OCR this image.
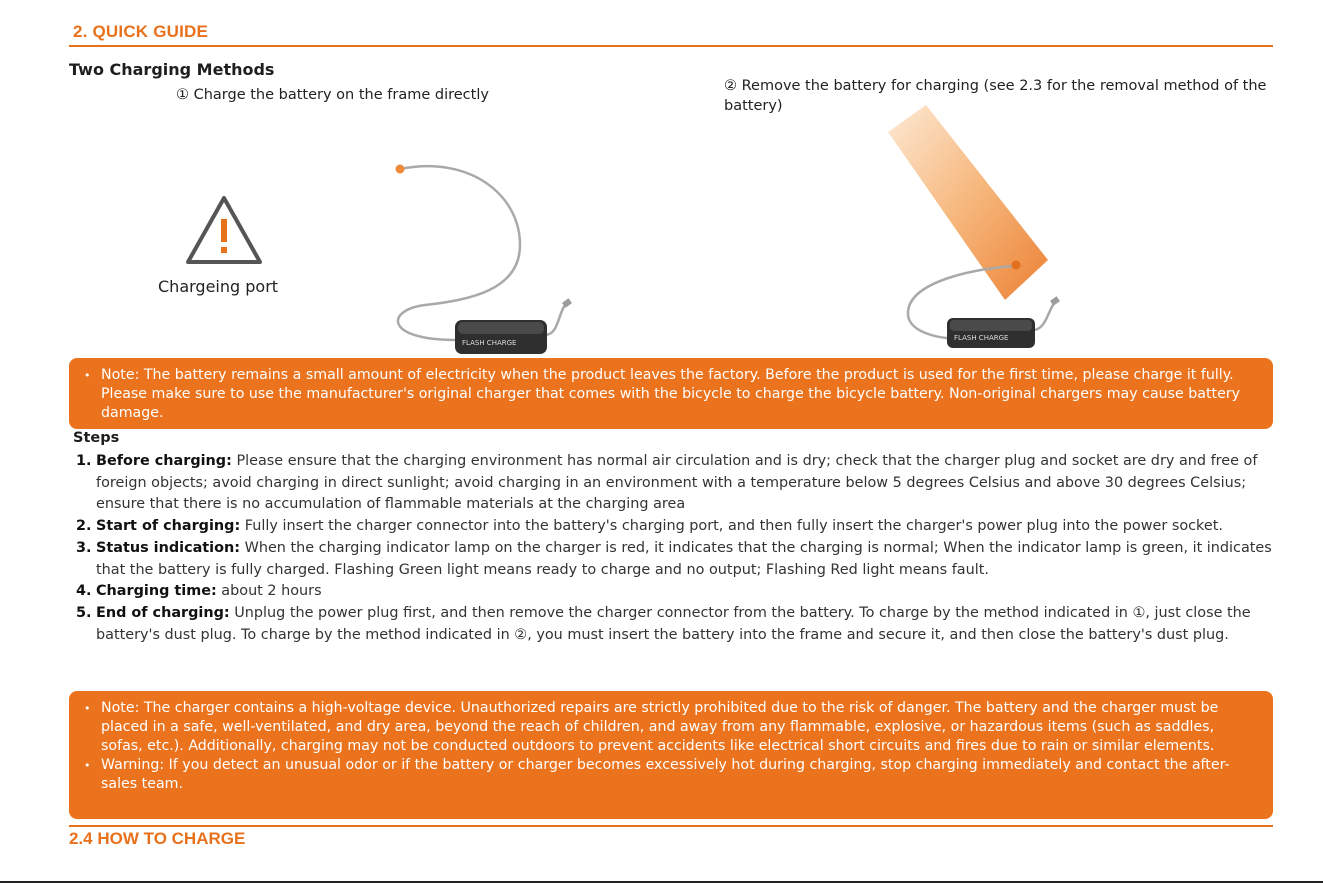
2. QUICK GUIDE
Two Charging Methods
① Charge the battery on the frame directly
② Remove the battery for charging (see 2.3 for the removal method of the battery)
Chargeing port
FLASH CHARGE
FLASH CHARGE
• Note: The battery remains a small amount of electricity when the product leaves the factory. Before the product is used for the first time, please charge it fully. Please make sure to use the manufacturer's original charger that comes with the bicycle to charge the bicycle battery. Non-original chargers may cause battery damage.
Steps
1. Before charging: Please ensure that the charging environment has normal air circulation and is dry; check that the charger plug and socket are dry and free of foreign objects; avoid charging in direct sunlight; avoid charging in an environment with a temperature below 5 degrees Celsius and above 30 degrees Celsius; ensure that there is no accumulation of flammable materials at the charging area
2. Start of charging: Fully insert the charger connector into the battery's charging port, and then fully insert the charger's power plug into the power socket.
3. Status indication: When the charging indicator lamp on the charger is red, it indicates that the charging is normal; When the indicator lamp is green, it indicates that the battery is fully charged. Flashing Green light means ready to charge and no output; Flashing Red light means fault.
4. Charging time: about 2 hours
5. End of charging: Unplug the power plug first, and then remove the charger connector from the battery. To charge by the method indicated in ①, just close the battery's dust plug. To charge by the method indicated in ②, you must insert the battery into the frame and secure it, and then close the battery's dust plug.
• Note: The charger contains a high-voltage device. Unauthorized repairs are strictly prohibited due to the risk of danger. The battery and the charger must be placed in a safe, well-ventilated, and dry area, beyond the reach of children, and away from any flammable, explosive, or hazardous items (such as saddles, sofas, etc.). Additionally, charging may not be conducted outdoors to prevent accidents like electrical short circuits and fires due to rain or similar elements.
• Warning: If you detect an unusual odor or if the battery or charger becomes excessively hot during charging, stop charging immediately and contact the after-sales team.
2.4 HOW TO CHARGE
